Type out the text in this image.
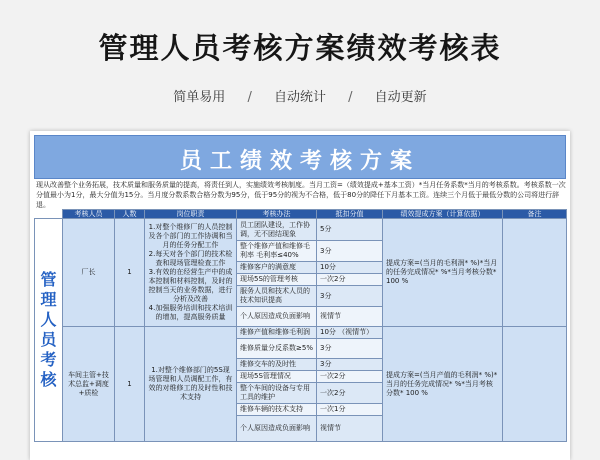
管理人员考核方案绩效考核表
简单易用 / 自动统计 / 自动更新
员工绩效考核方案
现从改善整个业务拓展，技术质量和服务质量的提高，将责任到人，实施绩效考核制度。当月工资=（绩效提成+基本工资）*当月任务系数*当月的考核系数。考核系数一次分值最小为1分，最大分值为15分。当月度分数系数合格分数为95分，低于95分的视为不合格，低于80分的降任下月基本工资。连续三个月低于最低分数的公司将进行辞退。
	考核人员	人数	岗位职责	考核办法	抵扣分值	绩效提成方案（计算依据）	备注
管理人员考核	厂长	1	1.对整个维修厂的人员控制及各个部门的工作协调和当月的任务分配工作
2.每天对各个部门的技术检查和现场管理检查工作
3.有效的在经营生产中的成本控制和材料控制，及时的控制当天的业务数据，进行分析及改善
4.加强服务培训和技术培训的增加，提高服务质量	员工团队建设，工作协调，无不团结现象	5分	提成方案=(当月的毛利润* %)*当月的任务完成情况* %*当月考核分数* 100 %	
				整个维修产值和维修毛利率 毛利率≤40%	3分		
				维修客户的满意度	10分		
				现场5S的管理考核	一次2分		
				服务人员和技术人员的技术知识提高	3分		
				个人原因造成负面影响	视情节		
	车间主管+技术总监+调度+质检	1	1.对整个维修部门的5S现场管理和人员调配工作，有效的对维修工的及时性和技术支持	维修产值和维修毛利润	10分 （视情节）	提成方案=(当月产值的毛利润* %)*当月的任务完成情况* %*当月考核分数* 100 %	
				维修质量分反系数≥5%	3分		
				维修交车的及时性	3分		
				现场5S管理情况	一次2分		
				整个车间的设备与专用工具的维护	一次2分		
				维修车辆的技术支持	一次1分		
				个人原因造成负面影响	视情节		
